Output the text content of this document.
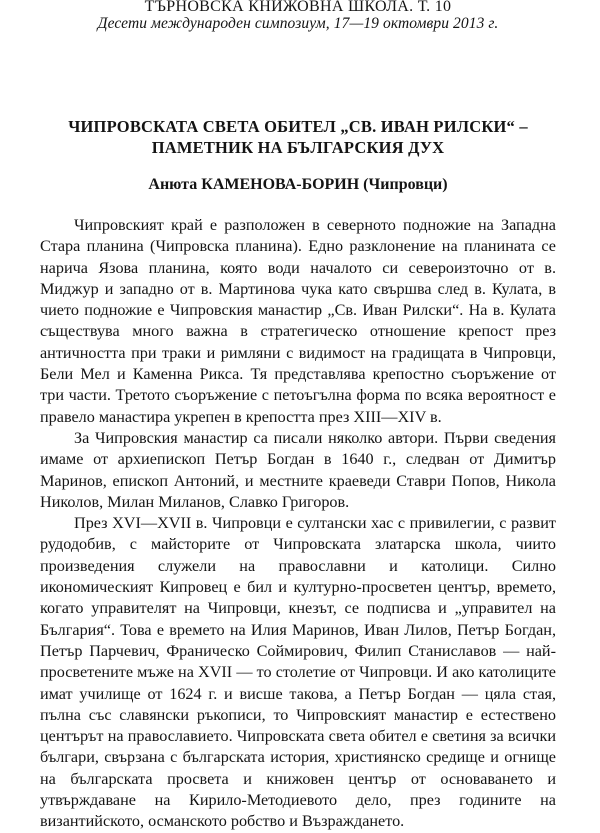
ТЪРНОВСКА КНИЖОВНА ШКОЛА. Т. 10
Десети международен симпозиум, 17—19 октомври 2013 г.
ЧИПРОВСКАТА СВЕТА ОБИТЕЛ „СВ. ИВАН РИЛСКИ“ –
ПАМЕТНИК НА БЪЛГАРСКИЯ ДУХ
Анюта КАМЕНОВА-БОРИН (Чипровци)

Чипровският край е разположен в северното подножие на Западна Стара планина (Чипровска планина). Едно разклонение на планината се нарича Язова планина, която води началото си североизточно от в. Миджур и западно от в. Мартинова чука като свършва след в. Кулата, в чието подножие е Чипровския манастир „Св. Иван Рилски“. На в. Кулата съществува много важна в стратегическо отношение крепост през античността при траки и римляни с видимост на градищата в Чипровци, Бели Мел и Каменна Рикса. Тя представлява крепостно съоръжение от три части. Третото съоръжение с петоъгълна форма по всяка вероятност е правело манастира укрепен в крепостта през XIII—XIV в.

За Чипровския манастир са писали няколко автори. Първи сведения имаме от архиепископ Петър Богдан в 1640 г., следван от Димитър Маринов, епископ Антоний, и местните краеведи Ставри Попов, Никола Николов, Милан Миланов, Славко Григоров.

През XVI—XVII в. Чипровци е султански хас с привилегии, с развит рудодобив, с майсторите от Чипровската златарска школа, чиито произведения служели на православни и католици. Силно икономическият Кипровец е бил и културно-просветен център, времето, когато управителят на Чипровци, кнезът, се подписва и „управител на България“. Това е времето на Илия Маринов, Иван Лилов, Петър Богдан, Петър Парчевич, Франическо Соймирович, Филип Станиславов — най-просветените мъже на XVII — то столетие от Чипровци. И ако католиците имат училище от 1624 г. и висше такова, а Петър Богдан — цяла стая, пълна със славянски ръкописи, то Чипровският манастир е естествено центърът на православието. Чипровската света обител е светиня за всички българи, свързана с българската история, християнско средище и огнище на българската просвета и книжовен център от основаването и утвърждаване на Кирило-Методиевото дело, през годините на византийското, османското робство и Възраждането.
